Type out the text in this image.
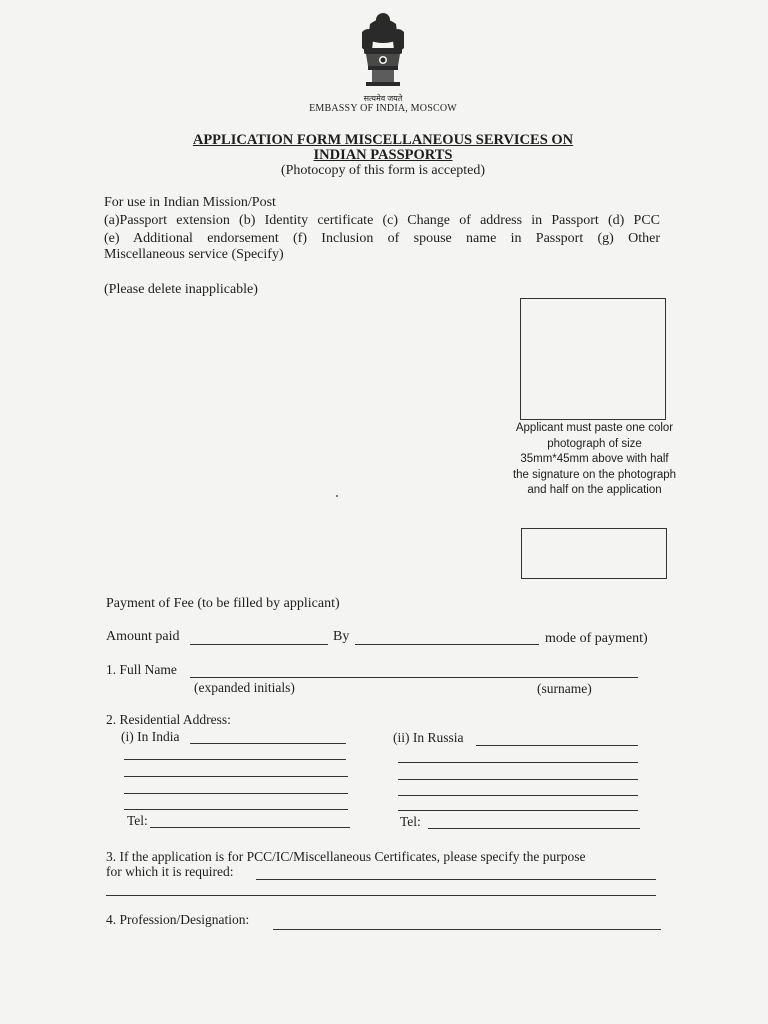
सत्यमेव जयते
EMBASSY OF INDIA, MOSCOW
APPLICATION FORM MISCELLANEOUS SERVICES ON
INDIAN PASSPORTS
(Photocopy of this form is accepted)
For use in Indian Mission/Post
(a)Passport extension (b) Identity certificate (c) Change of address in Passport (d) PCC
(e) Additional endorsement (f) Inclusion of spouse name in Passport (g) Other
Miscellaneous service (Specify)
(Please delete inapplicable)
Applicant must paste one color photograph of size 35mm*45mm above with half the signature on the photograph and half on the application
Payment of Fee (to be filled by applicant)
Amount paid	By	mode of payment)
1. Full Name
(expanded initials)	(surname)
2. Residential Address:
(i) In India	(ii) In Russia
Tel:	Tel:
3. If the application is for PCC/IC/Miscellaneous Certificates, please specify the purpose
for which it is required:
4. Profession/Designation:
